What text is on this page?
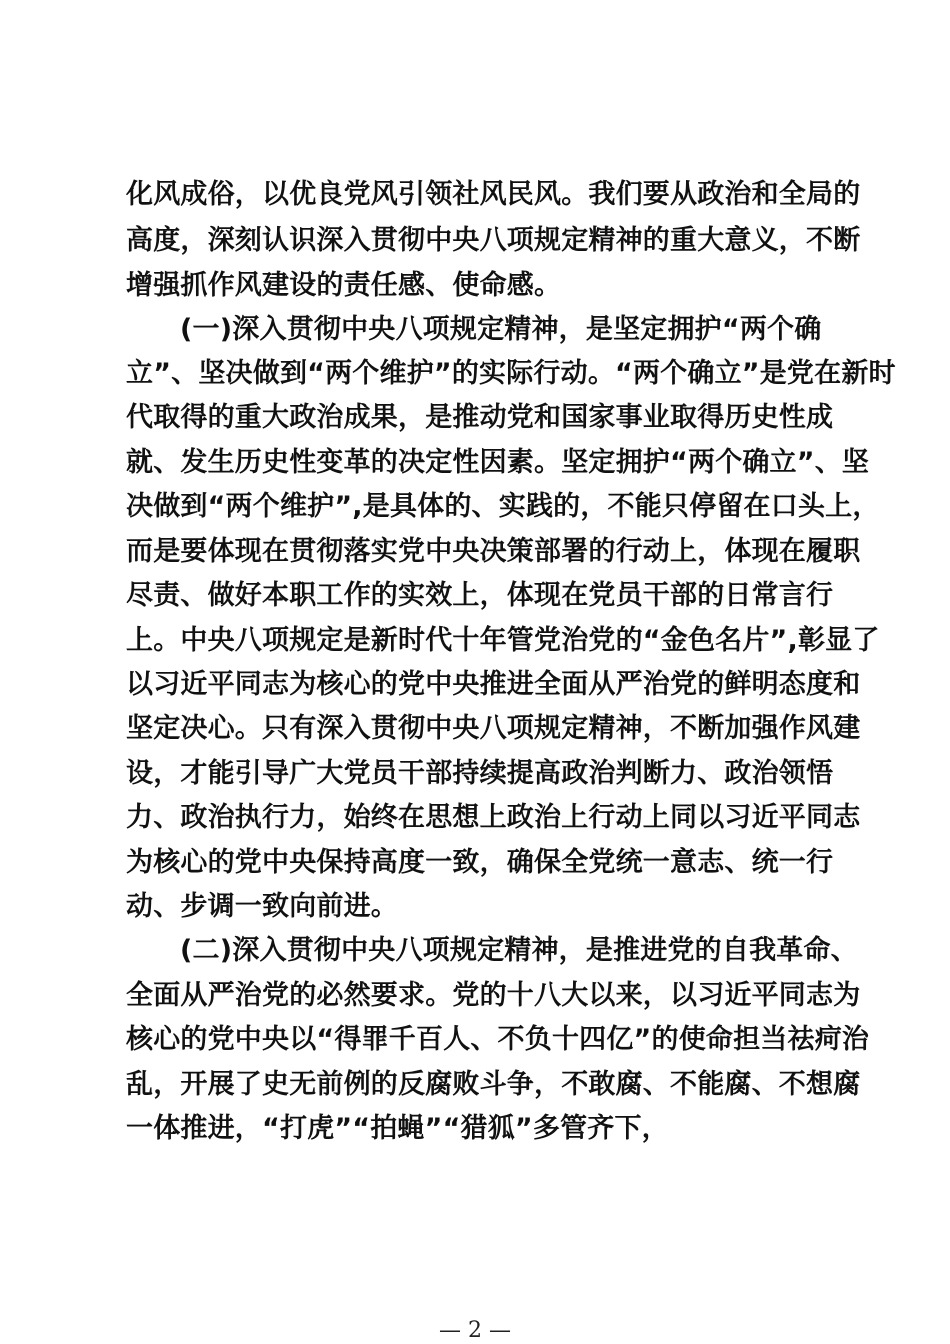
化风成俗，以优良党风引领社风民风。我们要从政治和全局的
高度，深刻认识深入贯彻中央八项规定精神的重大意义，不断
增强抓作风建设的责任感、使命感。
(一)深入贯彻中央八项规定精神，是坚定拥护“两个确
立”、坚决做到“两个维护”的实际行动。“两个确立”是党在新时
代取得的重大政治成果，是推动党和国家事业取得历史性成
就、发生历史性变革的决定性因素。坚定拥护“两个确立”、坚
决做到“两个维护”,是具体的、实践的，不能只停留在口头上，
而是要体现在贯彻落实党中央决策部署的行动上，体现在履职
尽责、做好本职工作的实效上，体现在党员干部的日常言行
上。中央八项规定是新时代十年管党治党的“金色名片”,彰显了
以习近平同志为核心的党中央推进全面从严治党的鲜明态度和
坚定决心。只有深入贯彻中央八项规定精神，不断加强作风建
设，才能引导广大党员干部持续提高政治判断力、政治领悟
力、政治执行力，始终在思想上政治上行动上同以习近平同志
为核心的党中央保持高度一致，确保全党统一意志、统一行
动、步调一致向前进。
(二)深入贯彻中央八项规定精神，是推进党的自我革命、
全面从严治党的必然要求。党的十八大以来，以习近平同志为
核心的党中央以“得罪千百人、不负十四亿”的使命担当祛疴治
乱，开展了史无前例的反腐败斗争，不敢腐、不能腐、不想腐
一体推进，“打虎”“拍蝇”“猎狐”多管齐下，
— 2 —
